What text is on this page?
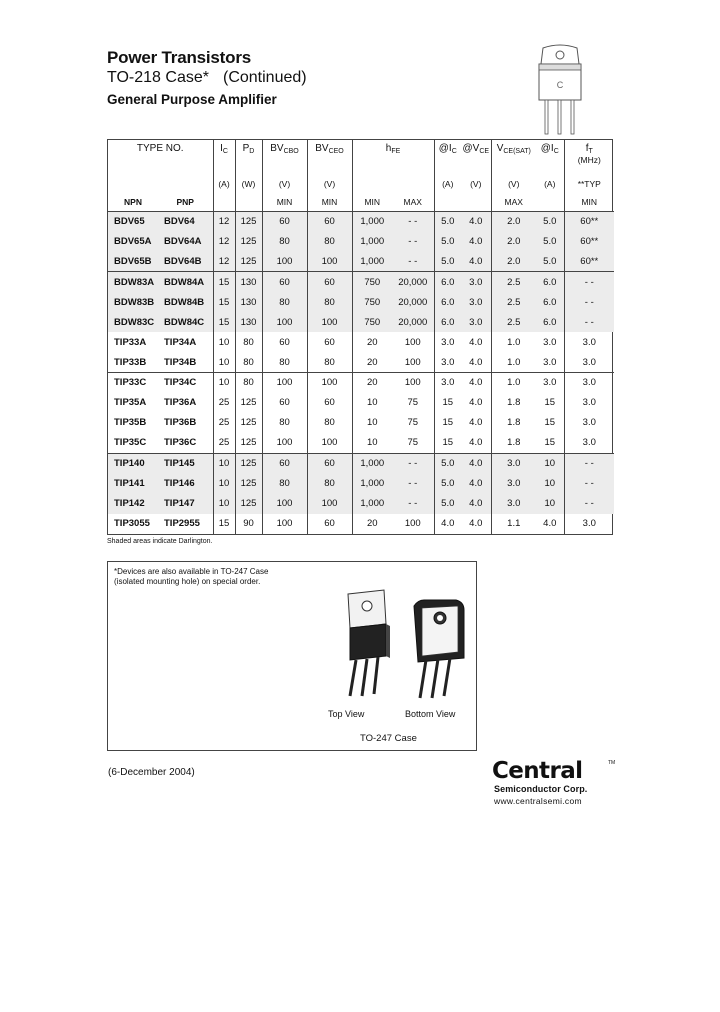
Power Transistors
TO-218 Case* (Continued)
General Purpose Amplifier
C
TYPE NO.		$I_C$	$P_D$	$BV_{CBO}$	$BV_{CEO}$	$h_{FE}$		$@I_C$	$@V_{CE}$	$V_{CE(SAT)}$	$@I_C$	$f_T$
(MHz)
		(A)	(W)	(V)	(V)			(A)	(V)	(V)	(A)	**TYP
NPN	PNP			MIN	MIN	MIN	MAX			MAX		MIN
BDV65	BDV64	12	125	60	60	1,000	- -	5.0	4.0	2.0	5.0	60**
BDV65A	BDV64A	12	125	80	80	1,000	- -	5.0	4.0	2.0	5.0	60**
BDV65B	BDV64B	12	125	100	100	1,000	- -	5.0	4.0	2.0	5.0	60**
BDW83A	BDW84A	15	130	60	60	750	20,000	6.0	3.0	2.5	6.0	- -
BDW83B	BDW84B	15	130	80	80	750	20,000	6.0	3.0	2.5	6.0	- -
BDW83C	BDW84C	15	130	100	100	750	20,000	6.0	3.0	2.5	6.0	- -
TIP33A	TIP34A	10	80	60	60	20	100	3.0	4.0	1.0	3.0	3.0
TIP33B	TIP34B	10	80	80	80	20	100	3.0	4.0	1.0	3.0	3.0
TIP33C	TIP34C	10	80	100	100	20	100	3.0	4.0	1.0	3.0	3.0
TIP35A	TIP36A	25	125	60	60	10	75	15	4.0	1.8	15	3.0
TIP35B	TIP36B	25	125	80	80	10	75	15	4.0	1.8	15	3.0
TIP35C	TIP36C	25	125	100	100	10	75	15	4.0	1.8	15	3.0
TIP140	TIP145	10	125	60	60	1,000	- -	5.0	4.0	3.0	10	- -
TIP141	TIP146	10	125	80	80	1,000	- -	5.0	4.0	3.0	10	- -
TIP142	TIP147	10	125	100	100	1,000	- -	5.0	4.0	3.0	10	- -
TIP3055	TIP2955	15	90	100	60	20	100	4.0	4.0	1.1	4.0	3.0
Shaded areas indicate Darlington.
*Devices are also available in TO-247 Case
(isolated mounting hole) on special order.
Top View	Bottom View
TO-247 Case
(6-December 2004)	Central	TM
Semiconductor Corp.
www.centralsemi.com
